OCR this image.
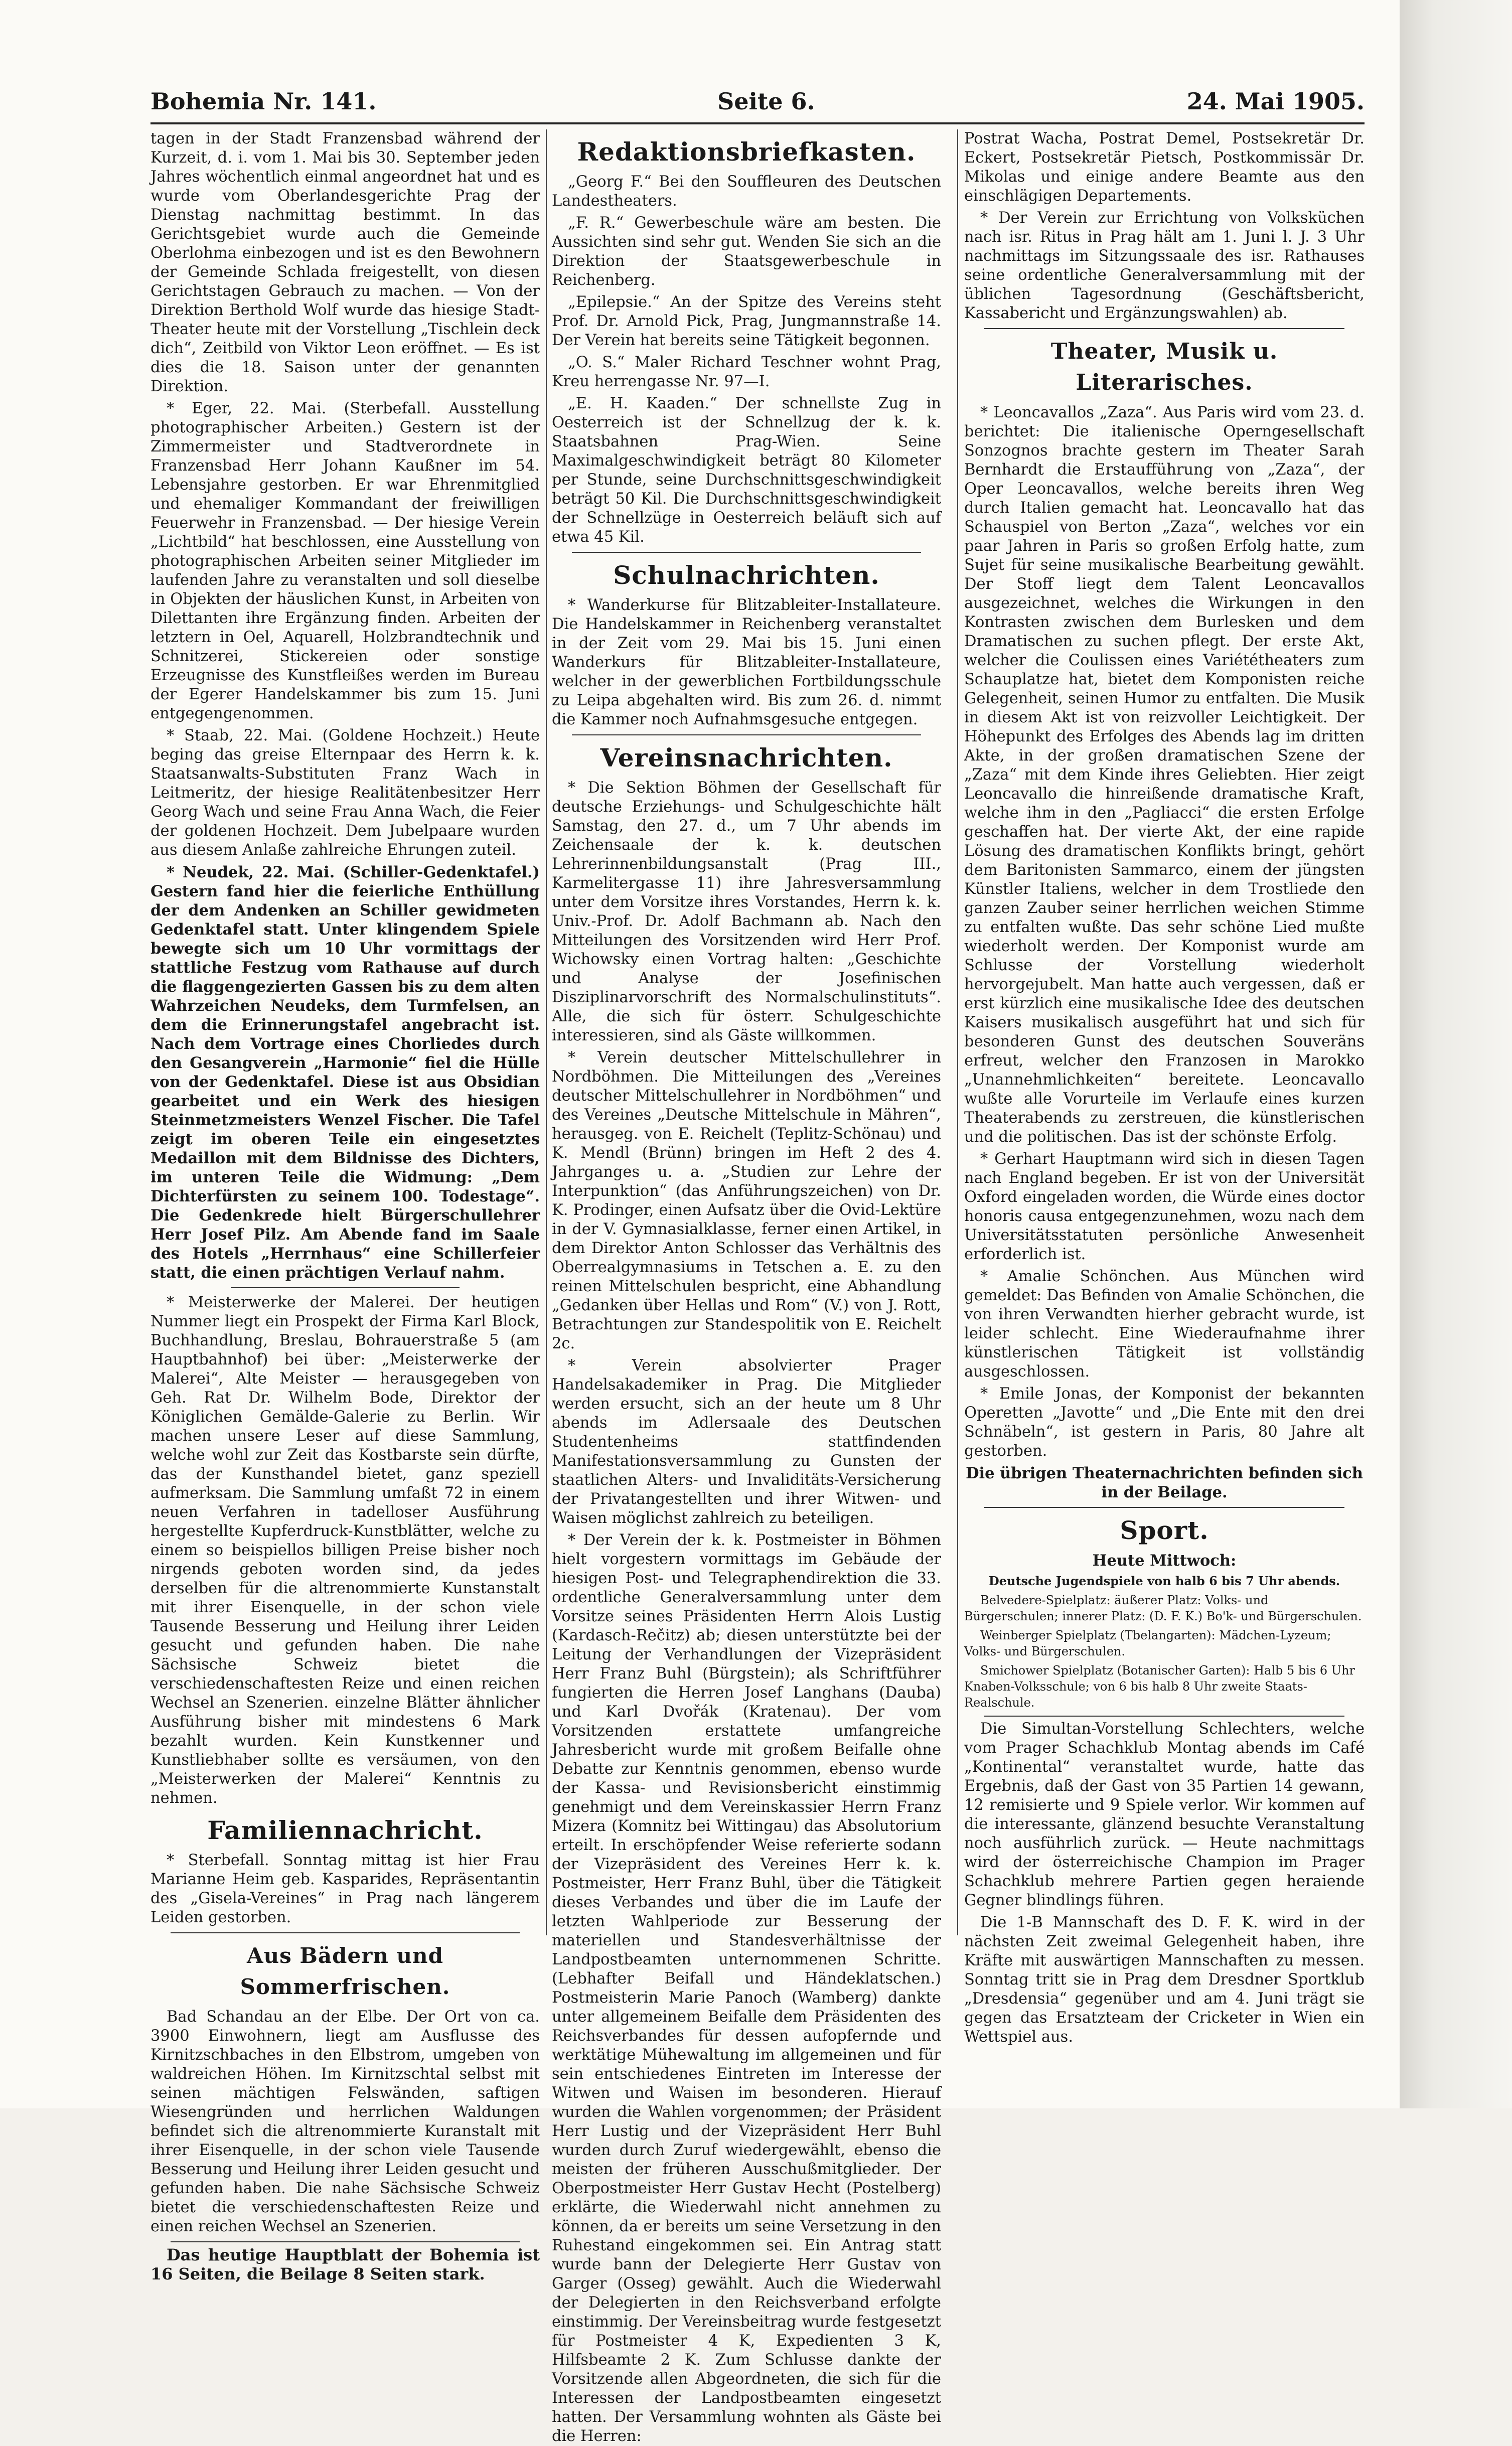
Bohemia Nr. 141.	Seite 6.	24. Mai 1905.

tagen in der Stadt Franzensbad während der Kurzeit, d. i. vom 1. Mai bis 30. September jeden Jahres wöchentlich einmal angeordnet hat und es wurde vom Oberlandesgerichte Prag der Dienstag nachmittag bestimmt. In das Gerichtsgebiet wurde auch die Gemeinde Oberlohma einbezogen und ist es den Bewohnern der Gemeinde Schlada freigestellt, von diesen Gerichtstagen Gebrauch zu machen. — Von der Direktion Berthold Wolf wurde das hiesige Stadt-Theater heute mit der Vorstellung „Tischlein deck dich“, Zeitbild von Viktor Leon eröffnet. — Es ist dies die 18. Saison unter der genannten Direktion.

* Eger, 22. Mai. (Sterbefall. Ausstellung photographischer Arbeiten.) Gestern ist der Zimmermeister und Stadtverordnete in Franzensbad Herr Johann Kaußner im 54. Lebensjahre gestorben. Er war Ehrenmitglied und ehemaliger Kommandant der freiwilligen Feuerwehr in Franzensbad. — Der hiesige Verein „Lichtbild“ hat beschlossen, eine Ausstellung von photographischen Arbeiten seiner Mitglieder im laufenden Jahre zu veranstalten und soll dieselbe in Objekten der häuslichen Kunst, in Arbeiten von Dilettanten ihre Ergänzung finden. Arbeiten der letztern in Oel, Aquarell, Holzbrandtechnik und Schnitzerei, Stickereien oder sonstige Erzeugnisse des Kunstfleißes werden im Bureau der Egerer Handelskammer bis zum 15. Juni entgegengenommen.

* Staab, 22. Mai. (Goldene Hochzeit.) Heute beging das greise Elternpaar des Herrn k. k. Staatsanwalts-Substituten Franz Wach in Leitmeritz, der hiesige Realitätenbesitzer Herr Georg Wach und seine Frau Anna Wach, die Feier der goldenen Hochzeit. Dem Jubelpaare wurden aus diesem Anlaße zahlreiche Ehrungen zuteil.

* Neudek, 22. Mai. (Schiller-Gedenktafel.) Gestern fand hier die feierliche Enthüllung der dem Andenken an Schiller gewidmeten Gedenktafel statt. Unter klingendem Spiele bewegte sich um 10 Uhr vormittags der stattliche Festzug vom Rathause auf durch die flaggengezierten Gassen bis zu dem alten Wahrzeichen Neudeks, dem Turmfelsen, an dem die Erinnerungstafel angebracht ist. Nach dem Vortrage eines Chorliedes durch den Gesangverein „Harmonie“ fiel die Hülle von der Gedenktafel. Diese ist aus Obsidian gearbeitet und ein Werk des hiesigen Steinmetzmeisters Wenzel Fischer. Die Tafel zeigt im oberen Teile ein eingesetztes Medaillon mit dem Bildnisse des Dichters, im unteren Teile die Widmung: „Dem Dichterfürsten zu seinem 100. Todestage“. Die Gedenkrede hielt Bürgerschullehrer Herr Josef Pilz. Am Abende fand im Saale des Hotels „Herrnhaus“ eine Schillerfeier statt, die einen prächtigen Verlauf nahm.

* Meisterwerke der Malerei. Der heutigen Nummer liegt ein Prospekt der Firma Karl Block, Buchhandlung, Breslau, Bohrauerstraße 5 (am Hauptbahnhof) bei über: „Meisterwerke der Malerei“, Alte Meister — herausgegeben von Geh. Rat Dr. Wilhelm Bode, Direktor der Königlichen Gemälde-Galerie zu Berlin. Wir machen unsere Leser auf diese Sammlung, welche wohl zur Zeit das Kostbarste sein dürfte, das der Kunsthandel bietet, ganz speziell aufmerksam. Die Sammlung umfaßt 72 in einem neuen Verfahren in tadelloser Ausführung hergestellte Kupferdruck-Kunstblätter, welche zu einem so beispiellos billigen Preise bisher noch nirgends geboten worden sind, da jedes derselben für die altrenommierte Kunstanstalt mit ihrer Eisenquelle, in der schon viele Tausende Besserung und Heilung ihrer Leiden gesucht und gefunden haben. Die nahe Sächsische Schweiz bietet die verschiedenschaftesten Reize und einen reichen Wechsel an Szenerien. einzelne Blätter ähnlicher Ausführung bisher mit mindestens 6 Mark bezahlt wurden. Kein Kunstkenner und Kunstliebhaber sollte es versäumen, von den „Meisterwerken der Malerei“ Kenntnis zu nehmen.

Familiennachricht.

* Sterbefall. Sonntag mittag ist hier Frau Marianne Heim geb. Kasparides, Repräsentantin des „Gisela-Vereines“ in Prag nach längerem Leiden gestorben.

Aus Bädern und Sommerfrischen.

Bad Schandau an der Elbe. Der Ort von ca. 3900 Einwohnern, liegt am Ausflusse des Kirnitzschbaches in den Elbstrom, umgeben von waldreichen Höhen. Im Kirnitzschtal selbst mit seinen mächtigen Felswänden, saftigen Wiesengründen und herrlichen Waldungen befindet sich die altrenommierte Kuranstalt mit ihrer Eisenquelle, in der schon viele Tausende Besserung und Heilung ihrer Leiden gesucht und gefunden haben. Die nahe Sächsische Schweiz bietet die verschiedenschaftesten Reize und einen reichen Wechsel an Szenerien.

Das heutige Hauptblatt der Bohemia ist 16 Seiten, die Beilage 8 Seiten stark.

Redaktionsbriefkasten.

„Georg F.“ Bei den Souffleuren des Deutschen Landestheaters.

„F. R.“ Gewerbeschule wäre am besten. Die Aussichten sind sehr gut. Wenden Sie sich an die Direktion der Staatsgewerbeschule in Reichenberg.

„Epilepsie.“ An der Spitze des Vereins steht Prof. Dr. Arnold Pick, Prag, Jungmannstraße 14. Der Verein hat bereits seine Tätigkeit begonnen.

„O. S.“ Maler Richard Teschner wohnt Prag, Kreu herrengasse Nr. 97—I.

„E. H. Kaaden.“ Der schnellste Zug in Oesterreich ist der Schnellzug der k. k. Staatsbahnen Prag-Wien. Seine Maximalgeschwindigkeit beträgt 80 Kilometer per Stunde, seine Durchschnittsgeschwindigkeit beträgt 50 Kil. Die Durchschnittsgeschwindigkeit der Schnellzüge in Oesterreich beläuft sich auf etwa 45 Kil.

Schulnachrichten.

* Wanderkurse für Blitzableiter-Installateure. Die Handelskammer in Reichenberg veranstaltet in der Zeit vom 29. Mai bis 15. Juni einen Wanderkurs für Blitzableiter-Installateure, welcher in der gewerblichen Fortbildungsschule zu Leipa abgehalten wird. Bis zum 26. d. nimmt die Kammer noch Aufnahmsgesuche entgegen.

Vereinsnachrichten.

* Die Sektion Böhmen der Gesellschaft für deutsche Erziehungs- und Schulgeschichte hält Samstag, den 27. d., um 7 Uhr abends im Zeichensaale der k. k. deutschen Lehrerinnenbildungsanstalt (Prag III., Karmelitergasse 11) ihre Jahresversammlung unter dem Vorsitze ihres Vorstandes, Herrn k. k. Univ.-Prof. Dr. Adolf Bachmann ab. Nach den Mitteilungen des Vorsitzenden wird Herr Prof. Wichowsky einen Vortrag halten: „Geschichte und Analyse der Josefinischen Disziplinarvorschrift des Normalschulinstituts“. Alle, die sich für österr. Schulgeschichte interessieren, sind als Gäste willkommen.

* Verein deutscher Mittelschullehrer in Nordböhmen. Die Mitteilungen des „Vereines deutscher Mittelschullehrer in Nordböhmen“ und des Vereines „Deutsche Mittelschule in Mähren“, herausgeg. von E. Reichelt (Teplitz-Schönau) und K. Mendl (Brünn) bringen im Heft 2 des 4. Jahrganges u. a. „Studien zur Lehre der Interpunktion“ (das Anführungszeichen) von Dr. K. Prodinger, einen Aufsatz über die Ovid-Lektüre in der V. Gymnasialklasse, ferner einen Artikel, in dem Direktor Anton Schlosser das Verhältnis des Oberrealgymnasiums in Tetschen a. E. zu den reinen Mittelschulen bespricht, eine Abhandlung „Gedanken über Hellas und Rom“ (V.) von J. Rott, Betrachtungen zur Standespolitik von E. Reichelt 2c.

* Verein absolvierter Prager Handelsakademiker in Prag. Die Mitglieder werden ersucht, sich an der heute um 8 Uhr abends im Adlersaale des Deutschen Studentenheims stattfindenden Manifestationsversammlung zu Gunsten der staatlichen Alters- und Invaliditäts-Versicherung der Privatangestellten und ihrer Witwen- und Waisen möglichst zahlreich zu beteiligen.

* Der Verein der k. k. Postmeister in Böhmen hielt vorgestern vormittags im Gebäude der hiesigen Post- und Telegraphendirektion die 33. ordentliche Generalversammlung unter dem Vorsitze seines Präsidenten Herrn Alois Lustig (Kardasch-Rečitz) ab; diesen unterstützte bei der Leitung der Verhandlungen der Vizepräsident Herr Franz Buhl (Bürgstein); als Schriftführer fungierten die Herren Josef Langhans (Dauba) und Karl Dvořák (Kratenau). Der vom Vorsitzenden erstattete umfangreiche Jahresbericht wurde mit großem Beifalle ohne Debatte zur Kenntnis genommen, ebenso wurde der Kassa- und Revisionsbericht einstimmig genehmigt und dem Vereinskassier Herrn Franz Mizera (Komnitz bei Wittingau) das Absolutorium erteilt. In erschöpfender Weise referierte sodann der Vizepräsident des Vereines Herr k. k. Postmeister, Herr Franz Buhl, über die Tätigkeit dieses Verbandes und über die im Laufe der letzten Wahlperiode zur Besserung der materiellen und Standesverhältnisse der Landpostbeamten unternommenen Schritte. (Lebhafter Beifall und Händeklatschen.) Postmeisterin Marie Panoch (Wamberg) dankte unter allgemeinem Beifalle dem Präsidenten des Reichsverbandes für dessen aufopfernde und werktätige Mühewaltung im allgemeinen und für sein entschiedenes Eintreten im Interesse der Witwen und Waisen im besonderen. Hierauf wurden die Wahlen vorgenommen; der Präsident Herr Lustig und der Vizepräsident Herr Buhl wurden durch Zuruf wiedergewählt, ebenso die meisten der früheren Ausschußmitglieder. Der Oberpostmeister Herr Gustav Hecht (Postelberg) erklärte, die Wiederwahl nicht annehmen zu können, da er bereits um seine Versetzung in den Ruhestand eingekommen sei. Ein Antrag statt wurde bann der Delegierte Herr Gustav von Garger (Osseg) gewählt. Auch die Wiederwahl der Delegierten in den Reichsverband erfolgte einstimmig. Der Vereinsbeitrag wurde festgesetzt für Postmeister 4 K, Expedienten 3 K, Hilfsbeamte 2 K. Zum Schlusse dankte der Vorsitzende allen Abgeordneten, die sich für die Interessen der Landpostbeamten eingesetzt hatten. Der Versammlung wohnten als Gäste bei die Herren:

Postrat Wacha, Postrat Demel, Postsekretär Dr. Eckert, Postsekretär Pietsch, Postkommissär Dr. Mikolas und einige andere Beamte aus den einschlägigen Departements.

* Der Verein zur Errichtung von Volksküchen nach isr. Ritus in Prag hält am 1. Juni l. J. 3 Uhr nachmittags im Sitzungssaale des isr. Rathauses seine ordentliche Generalversammlung mit der üblichen Tagesordnung (Geschäftsbericht, Kassabericht und Ergänzungswahlen) ab.

Theater, Musik u. Literarisches.

* Leoncavallos „Zaza“. Aus Paris wird vom 23. d. berichtet: Die italienische Operngesellschaft Sonzognos brachte gestern im Theater Sarah Bernhardt die Erstaufführung von „Zaza“, der Oper Leoncavallos, welche bereits ihren Weg durch Italien gemacht hat. Leoncavallo hat das Schauspiel von Berton „Zaza“, welches vor ein paar Jahren in Paris so großen Erfolg hatte, zum Sujet für seine musikalische Bearbeitung gewählt. Der Stoff liegt dem Talent Leoncavallos ausgezeichnet, welches die Wirkungen in den Kontrasten zwischen dem Burlesken und dem Dramatischen zu suchen pflegt. Der erste Akt, welcher die Coulissen eines Variététheaters zum Schauplatze hat, bietet dem Komponisten reiche Gelegenheit, seinen Humor zu entfalten. Die Musik in diesem Akt ist von reizvoller Leichtigkeit. Der Höhepunkt des Erfolges des Abends lag im dritten Akte, in der großen dramatischen Szene der „Zaza“ mit dem Kinde ihres Geliebten. Hier zeigt Leoncavallo die hinreißende dramatische Kraft, welche ihm in den „Pagliacci“ die ersten Erfolge geschaffen hat. Der vierte Akt, der eine rapide Lösung des dramatischen Konflikts bringt, gehört dem Baritonisten Sammarco, einem der jüngsten Künstler Italiens, welcher in dem Trostliede den ganzen Zauber seiner herrlichen weichen Stimme zu entfalten wußte. Das sehr schöne Lied mußte wiederholt werden. Der Komponist wurde am Schlusse der Vorstellung wiederholt hervorgejubelt. Man hatte auch vergessen, daß er erst kürzlich eine musikalische Idee des deutschen Kaisers musikalisch ausgeführt hat und sich für besonderen Gunst des deutschen Souveräns erfreut, welcher den Franzosen in Marokko „Unannehmlichkeiten“ bereitete. Leoncavallo wußte alle Vorurteile im Verlaufe eines kurzen Theaterabends zu zerstreuen, die künstlerischen und die politischen. Das ist der schönste Erfolg.

* Gerhart Hauptmann wird sich in diesen Tagen nach England begeben. Er ist von der Universität Oxford eingeladen worden, die Würde eines doctor honoris causa entgegenzunehmen, wozu nach dem Universitätsstatuten persönliche Anwesenheit erforderlich ist.

* Amalie Schönchen. Aus München wird gemeldet: Das Befinden von Amalie Schönchen, die von ihren Verwandten hierher gebracht wurde, ist leider schlecht. Eine Wiederaufnahme ihrer künstlerischen Tätigkeit ist vollständig ausgeschlossen.

* Emile Jonas, der Komponist der bekannten Operetten „Javotte“ und „Die Ente mit den drei Schnäbeln“, ist gestern in Paris, 80 Jahre alt gestorben.

Die übrigen Theaternachrichten befinden sich in der Beilage.

Sport.

Heute Mittwoch:

Deutsche Jugendspiele von halb 6 bis 7 Uhr abends.

Belvedere-Spielplatz: äußerer Platz: Volks- und Bürgerschulen; innerer Platz: (D. F. K.) Bo'k- und Bürgerschulen.

Weinberger Spielplatz (Tbelangarten): Mädchen-Lyzeum; Volks- und Bürgerschulen.

Smichower Spielplatz (Botanischer Garten): Halb 5 bis 6 Uhr Knaben-Volksschule; von 6 bis halb 8 Uhr zweite Staats-Realschule.

Die Simultan-Vorstellung Schlechters, welche vom Prager Schachklub Montag abends im Café „Kontinental“ veranstaltet wurde, hatte das Ergebnis, daß der Gast von 35 Partien 14 gewann, 12 remisierte und 9 Spiele verlor. Wir kommen auf die interessante, glänzend besuchte Veranstaltung noch ausführlich zurück. — Heute nachmittags wird der österreichische Champion im Prager Schachklub mehrere Partien gegen heraiende Gegner blindlings führen.

Die 1-B Mannschaft des D. F. K. wird in der nächsten Zeit zweimal Gelegenheit haben, ihre Kräfte mit auswärtigen Mannschaften zu messen. Sonntag tritt sie in Prag dem Dresdner Sportklub „Dresdensia“ gegenüber und am 4. Juni trägt sie gegen das Ersatzteam der Cricketer in Wien ein Wettspiel aus.
